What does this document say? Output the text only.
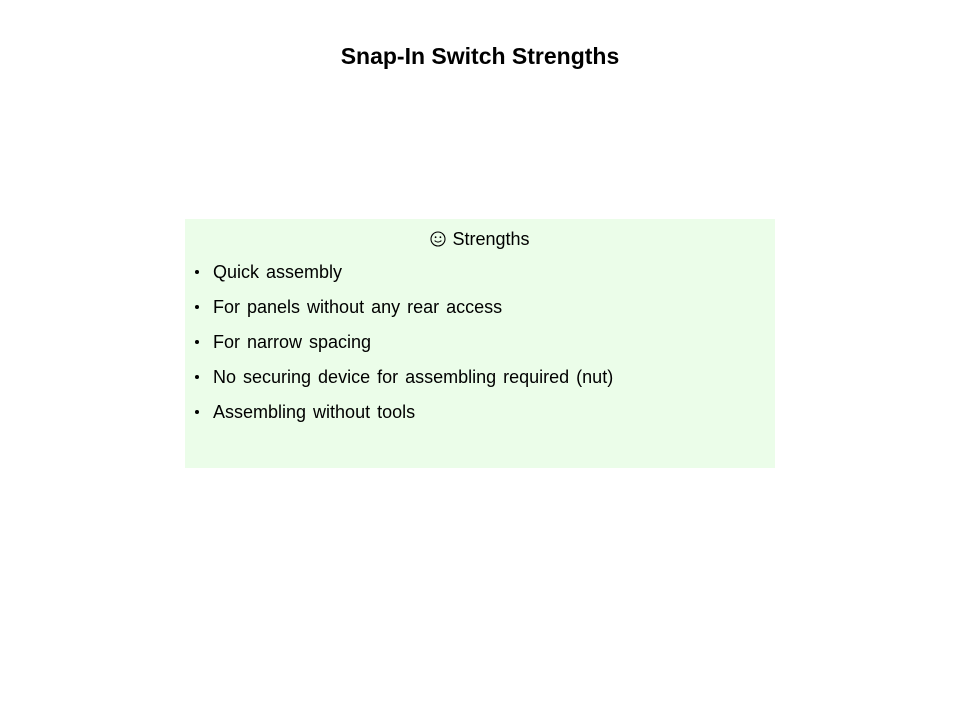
Snap-In Switch Strengths
Strengths
Quick assembly
For panels without any rear access
For narrow spacing
No securing device for assembling required (nut)
Assembling without tools
